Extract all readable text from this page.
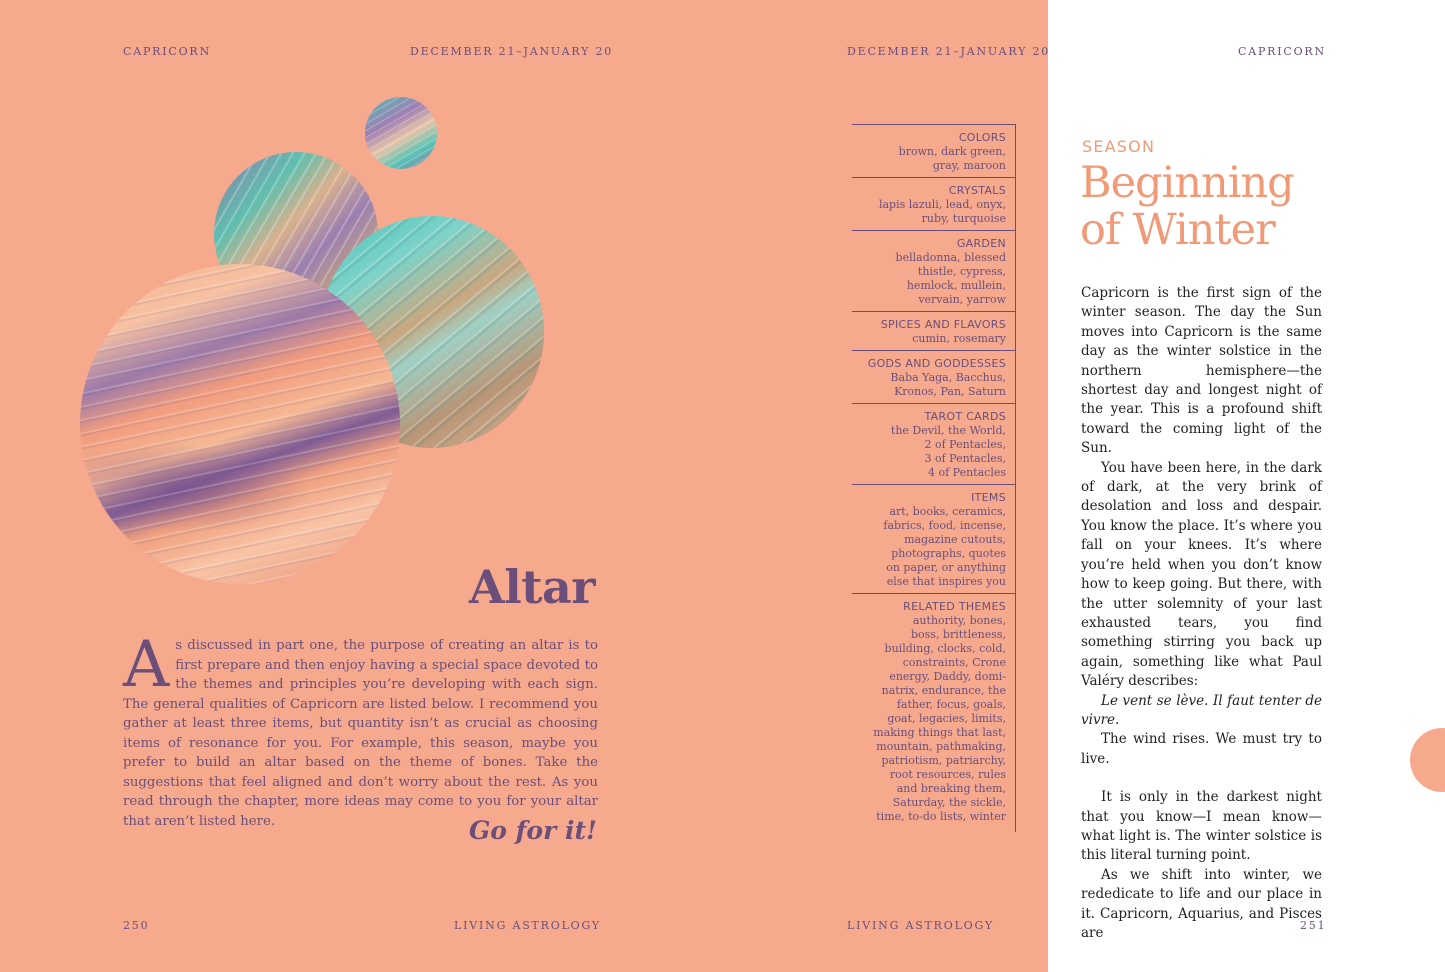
CAPRICORN	DECEMBER 21–JANUARY 20	DECEMBER 21–JANUARY 20	CAPRICORN
Altar
As discussed in part one, the purpose of creating an altar is to first prepare and then enjoy having a special space devoted to the themes and principles you’re developing with each sign. The general qualities of Capricorn are listed below. I recommend you gather at least three items, but quantity isn’t as crucial as choosing items of resonance for you. For example, this season, maybe you prefer to build an altar based on the theme of bones. Take the suggestions that feel aligned and don’t worry about the rest. As you read through the chapter, more ideas may come to you for your altar that aren’t listed here.	Go for it!
COLORS
brown, dark green,
gray, maroon
CRYSTALS
lapis lazuli, lead, onyx,
ruby, turquoise
GARDEN
belladonna, blessed
thistle, cypress,
hemlock, mullein,
vervain, yarrow
SPICES AND FLAVORS
cumin, rosemary
GODS AND GODDESSES
Baba Yaga, Bacchus,
Kronos, Pan, Saturn
TAROT CARDS
the Devil, the World,
2 of Pentacles,
3 of Pentacles,
4 of Pentacles
ITEMS
art, books, ceramics,
fabrics, food, incense,
magazine cutouts,
photographs, quotes
on paper, or anything
else that inspires you
RELATED THEMES
authority, bones,
boss, brittleness,
building, clocks, cold,
constraints, Crone
energy, Daddy, domi-
natrix, endurance, the
father, focus, goals,
goat, legacies, limits,
making things that last,
mountain, pathmaking,
patriotism, patriarchy,
root resources, rules
and breaking them,
Saturday, the sickle,
time, to-do lists, winter
SEASON
Beginning of Winter

Capricorn is the first sign of the winter season. The day the Sun moves into Capricorn is the same day as the winter solstice in the northern hemisphere—the shortest day and longest night of the year. This is a profound shift toward the coming light of the Sun.

You have been here, in the dark of dark, at the very brink of desolation and loss and despair. You know the place. It’s where you fall on your knees. It’s where you’re held when you don’t know how to keep going. But there, with the utter solemnity of your last exhausted tears, you find something stirring you back up again, something like what Paul Valéry describes:

Le vent se lève. Il faut tenter de vivre.

The wind rises. We must try to live.

It is only in the darkest night that you know—I mean know—what light is. The winter solstice is this literal turning point.

As we shift into winter, we rededicate to life and our place in it. Capricorn, Aquarius, and Pisces are

250	LIVING ASTROLOGY	LIVING ASTROLOGY	251
